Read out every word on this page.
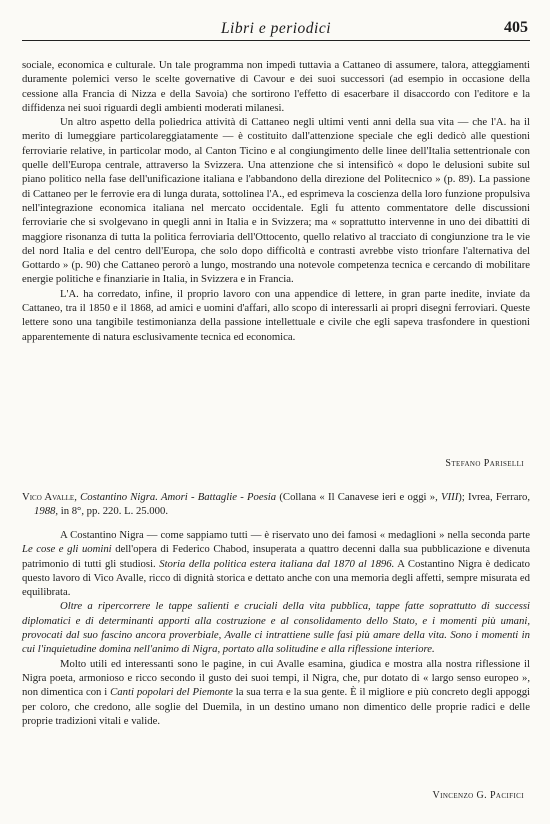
Libri e periodici	405

sociale, economica e culturale. Un tale programma non impedì tuttavia a Cattaneo di assumere, talora, atteggiamenti duramente polemici verso le scelte governative di Cavour e dei suoi successori (ad esempio in occasione della cessione alla Francia di Nizza e della Savoia) che sortirono l'effetto di esacerbare il disaccordo con l'editore e la diffidenza nei suoi riguardi degli ambienti moderati milanesi.

Un altro aspetto della poliedrica attività di Cattaneo negli ultimi venti anni della sua vita — che l'A. ha il merito di lumeggiare particolareggiatamente — è costituito dall'attenzione speciale che egli dedicò alle questioni ferroviarie relative, in particolar modo, al Canton Ticino e al congiungimento delle linee dell'Italia settentrionale con quelle dell'Europa centrale, attraverso la Svizzera. Una attenzione che si intensificò « dopo le delusioni subite sul piano politico nella fase dell'unificazione italiana e l'abbandono della direzione del Politecnico » (p. 89). La passione di Cattaneo per le ferrovie era di lunga durata, sottolinea l'A., ed esprimeva la coscienza della loro funzione propulsiva nell'integrazione economica italiana nel mercato occidentale. Egli fu attento commentatore delle discussioni ferroviarie che si svolgevano in quegli anni in Italia e in Svizzera; ma « soprattutto intervenne in uno dei dibattiti di maggiore risonanza di tutta la politica ferroviaria dell'Ottocento, quello relativo al tracciato di congiunzione tra le vie del nord Italia e del centro dell'Europa, che solo dopo difficoltà e contrasti avrebbe visto trionfare l'alternativa del Gottardo » (p. 90) che Cattaneo perorò a lungo, mostrando una notevole competenza tecnica e cercando di mobilitare energie politiche e finanziarie in Italia, in Svizzera e in Francia.

L'A. ha corredato, infine, il proprio lavoro con una appendice di lettere, in gran parte inedite, inviate da Cattaneo, tra il 1850 e il 1868, ad amici e uomini d'affari, allo scopo di interessarli ai propri disegni ferroviari. Queste lettere sono una tangibile testimonianza della passione intellettuale e civile che egli sapeva trasfondere in questioni apparentemente di natura esclusivamente tecnica ed economica.

Stefano Pariselli

Vico Avalle, Costantino Nigra. Amori - Battaglie - Poesia (Collana « Il Canavese ieri e oggi », VIII); Ivrea, Ferraro, 1988, in 8°, pp. 220. L. 25.000.

A Costantino Nigra — come sappiamo tutti — è riservato uno dei famosi « medaglioni » nella seconda parte Le cose e gli uomini dell'opera di Federico Chabod, insuperata a quattro decenni dalla sua pubblicazione e divenuta patrimonio di tutti gli studiosi. Storia della politica estera italiana dal 1870 al 1896. A Costantino Nigra è dedicato questo lavoro di Vico Avalle, ricco di dignità storica e dettato anche con una memoria degli affetti, sempre misurata ed equilibrata.

Oltre a ripercorrere le tappe salienti e cruciali della vita pubblica, tappe fatte soprattutto di successi diplomatici e di determinanti apporti alla costruzione e al consolidamento dello Stato, e i momenti più umani, provocati dal suo fascino ancora proverbiale, Avalle ci intrattiene sulle fasi più amare della vita. Sono i momenti in cui l'inquietudine domina nell'animo di Nigra, portato alla solitudine e alla riflessione interiore.

Molto utili ed interessanti sono le pagine, in cui Avalle esamina, giudica e mostra alla nostra riflessione il Nigra poeta, armonioso e ricco secondo il gusto dei suoi tempi, il Nigra, che, pur dotato di « largo senso europeo », non dimentica con i Canti popolari del Piemonte la sua terra e la sua gente. È il migliore e più concreto degli appoggi per coloro, che credono, alle soglie del Duemila, in un destino umano non dimentico delle proprie radici e delle proprie tradizioni vitali e valide.

Vincenzo G. Pacifici
